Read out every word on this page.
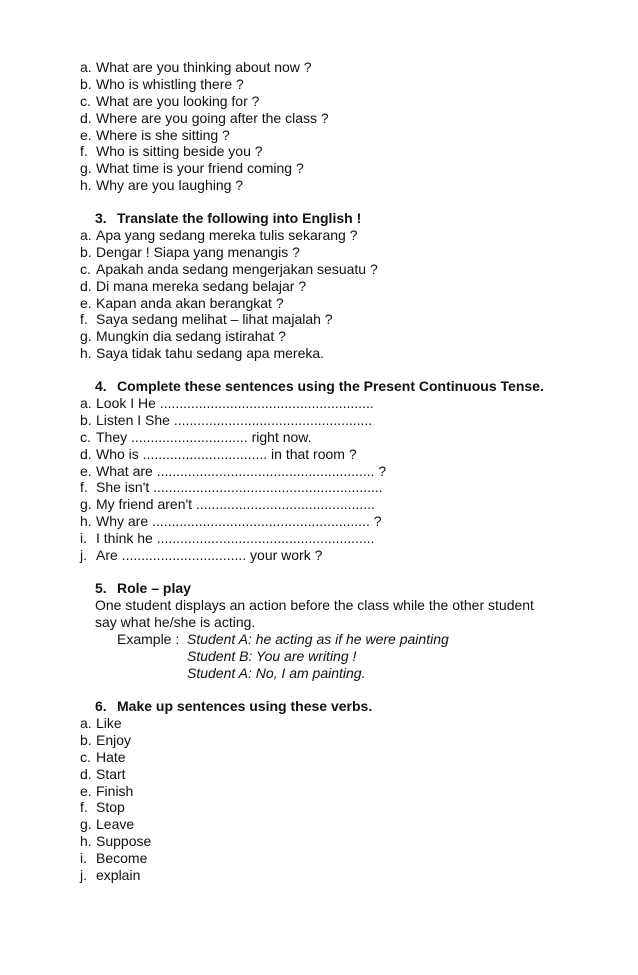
a. What are you thinking about now ?
b. Who is whistling there ?
c. What are you looking for ?
d. Where are you going after the class ?
e. Where is she sitting ?
f. Who is sitting beside you ?
g. What time is your friend coming ?
h. Why are you laughing ?
3. Translate the following into English !
a. Apa yang sedang mereka tulis sekarang ?
b. Dengar ! Siapa yang menangis ?
c. Apakah anda sedang mengerjakan sesuatu ?
d. Di mana mereka sedang belajar ?
e. Kapan anda akan berangkat ?
f. Saya sedang melihat – lihat majalah ?
g. Mungkin dia sedang istirahat ?
h. Saya tidak tahu sedang apa mereka.
4. Complete these sentences using the Present Continuous Tense.
a. Look I He .......................................................
b. Listen I She ...................................................
c. They .............................. right now.
d. Who is ................................ in that room ?
e. What are ........................................................ ?
f. She isn't ...........................................................
g. My friend aren't ..............................................
h. Why are ........................................................ ?
i. I think he ........................................................
j. Are ................................ your work ?
5. Role – play
One student displays an action before the class while the other student
say what he/she is acting.
Example : Student A: he acting as if he were painting
Student B: You are writing !
Student A: No, I am painting.
6. Make up sentences using these verbs.
a. Like
b. Enjoy
c. Hate
d. Start
e. Finish
f. Stop
g. Leave
h. Suppose
i. Become
j. explain
